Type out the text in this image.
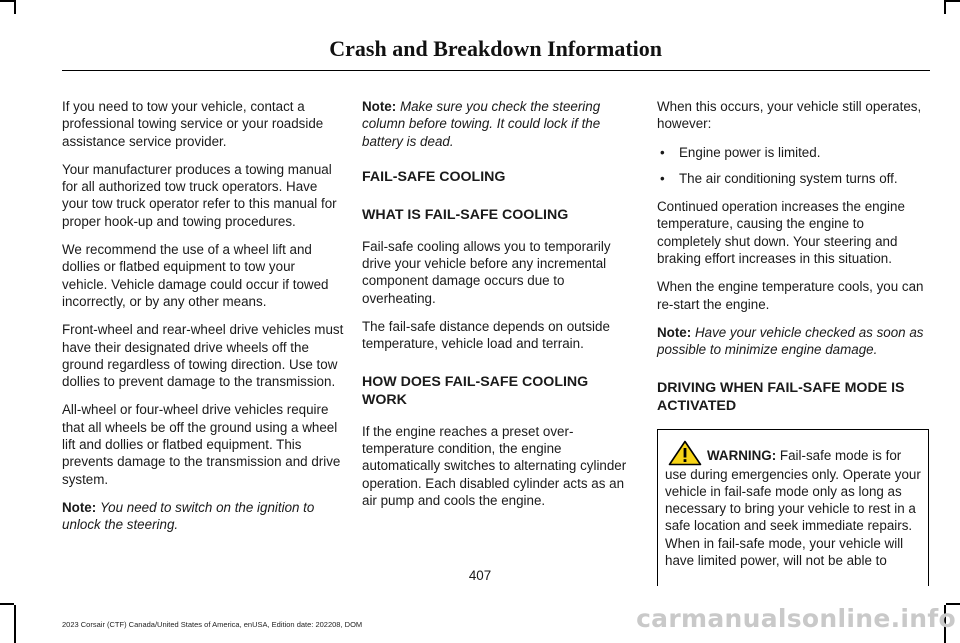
Crash and Breakdown Information

If you need to tow your vehicle, contact a professional towing service or your roadside assistance service provider.

Your manufacturer produces a towing manual for all authorized tow truck operators. Have your tow truck operator refer to this manual for proper hook-up and towing procedures.

We recommend the use of a wheel lift and dollies or flatbed equipment to tow your vehicle. Vehicle damage could occur if towed incorrectly, or by any other means.

Front-wheel and rear-wheel drive vehicles must have their designated drive wheels off the ground regardless of towing direction. Use tow dollies to prevent damage to the transmission.

All-wheel or four-wheel drive vehicles require that all wheels be off the ground using a wheel lift and dollies or flatbed equipment. This prevents damage to the transmission and drive system.

Note: You need to switch on the ignition to unlock the steering.

Note: Make sure you check the steering column before towing. It could lock if the battery is dead.

FAIL-SAFE COOLING
WHAT IS FAIL-SAFE COOLING

Fail-safe cooling allows you to temporarily drive your vehicle before any incremental component damage occurs due to overheating.

The fail-safe distance depends on outside temperature, vehicle load and terrain.

HOW DOES FAIL-SAFE COOLING WORK

If the engine reaches a preset over-temperature condition, the engine automatically switches to alternating cylinder operation. Each disabled cylinder acts as an air pump and cools the engine.

When this occurs, your vehicle still operates, however:

• Engine power is limited.
• The air conditioning system turns off.

Continued operation increases the engine temperature, causing the engine to completely shut down. Your steering and braking effort increases in this situation.

When the engine temperature cools, you can re-start the engine.

Note: Have your vehicle checked as soon as possible to minimize engine damage.

DRIVING WHEN FAIL-SAFE MODE IS ACTIVATED
WARNING: Fail-safe mode is for use during emergencies only. Operate your vehicle in fail-safe mode only as long as necessary to bring your vehicle to rest in a safe location and seek immediate repairs. When in fail-safe mode, your vehicle will have limited power, will not be able to
407
2023 Corsair (CTF) Canada/United States of America, enUSA, Edition date: 202208, DOM	carmanualsonline.info
